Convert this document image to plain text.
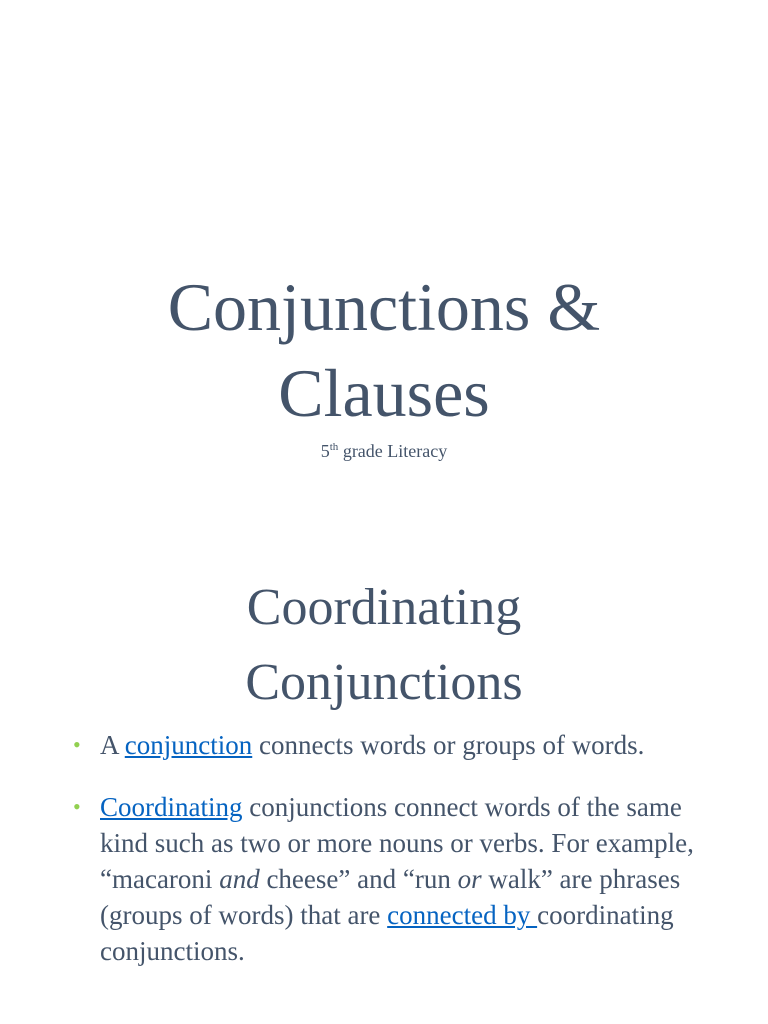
Conjunctions &
Clauses
5th grade Literacy
Coordinating
Conjunctions
• A conjunction connects words or groups of words.
• Coordinating conjunctions connect words of the same kind such as two or more nouns or verbs. For example, “macaroni and cheese” and “run or walk” are phrases (groups of words) that are connected by coordinating conjunctions.
